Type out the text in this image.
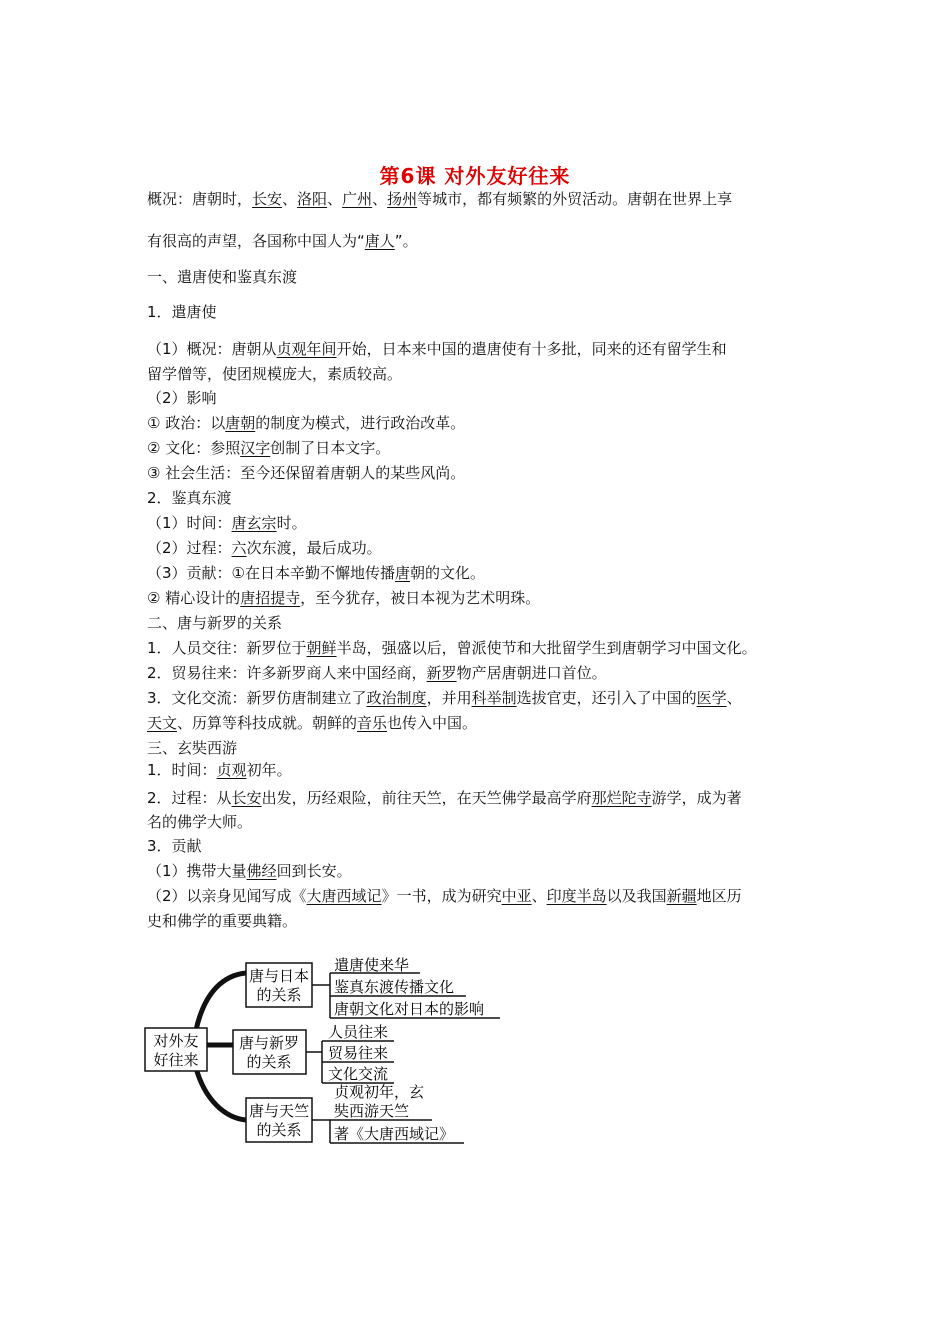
第6课 对外友好往来
概况：唐朝时，长安、洛阳、广州、扬州等城市，都有频繁的外贸活动。唐朝在世界上享
有很高的声望，各国称中国人为“唐人”。
一、遣唐使和鉴真东渡
1．遣唐使
（1）概况：唐朝从贞观年间开始，日本来中国的遣唐使有十多批，同来的还有留学生和
留学僧等，使团规模庞大，素质较高。
（2）影响
① 政治：以唐朝的制度为模式，进行政治改革。
② 文化：参照汉字创制了日本文字。
③ 社会生活：至今还保留着唐朝人的某些风尚。
2．鉴真东渡
（1）时间：唐玄宗时。
（2）过程：六次东渡，最后成功。
（3）贡献：①在日本辛勤不懈地传播唐朝的文化。
② 精心设计的唐招提寺，至今犹存，被日本视为艺术明珠。
二、唐与新罗的关系
1．人员交往：新罗位于朝鲜半岛，强盛以后，曾派使节和大批留学生到唐朝学习中国文化。
2．贸易往来：许多新罗商人来中国经商，新罗物产居唐朝进口首位。
3．文化交流：新罗仿唐制建立了政治制度，并用科举制选拔官吏，还引入了中国的医学、
天文、历算等科技成就。朝鲜的音乐也传入中国。
三、玄奘西游
1．时间：贞观初年。
2．过程：从长安出发，历经艰险，前往天竺，在天竺佛学最高学府那烂陀寺游学，成为著
名的佛学大师。
3．贡献
（1）携带大量佛经回到长安。
（2）以亲身见闻写成《大唐西域记》一书，成为研究中亚、印度半岛以及我国新疆地区历
史和佛学的重要典籍。
对外友
好往来
唐与日本
的关系
唐与新罗
的关系
唐与天竺
的关系
遣唐使来华
鉴真东渡传播文化
唐朝文化对日本的影响
人员往来
贸易往来
文化交流
贞观初年，玄
奘西游天竺
著《大唐西域记》
